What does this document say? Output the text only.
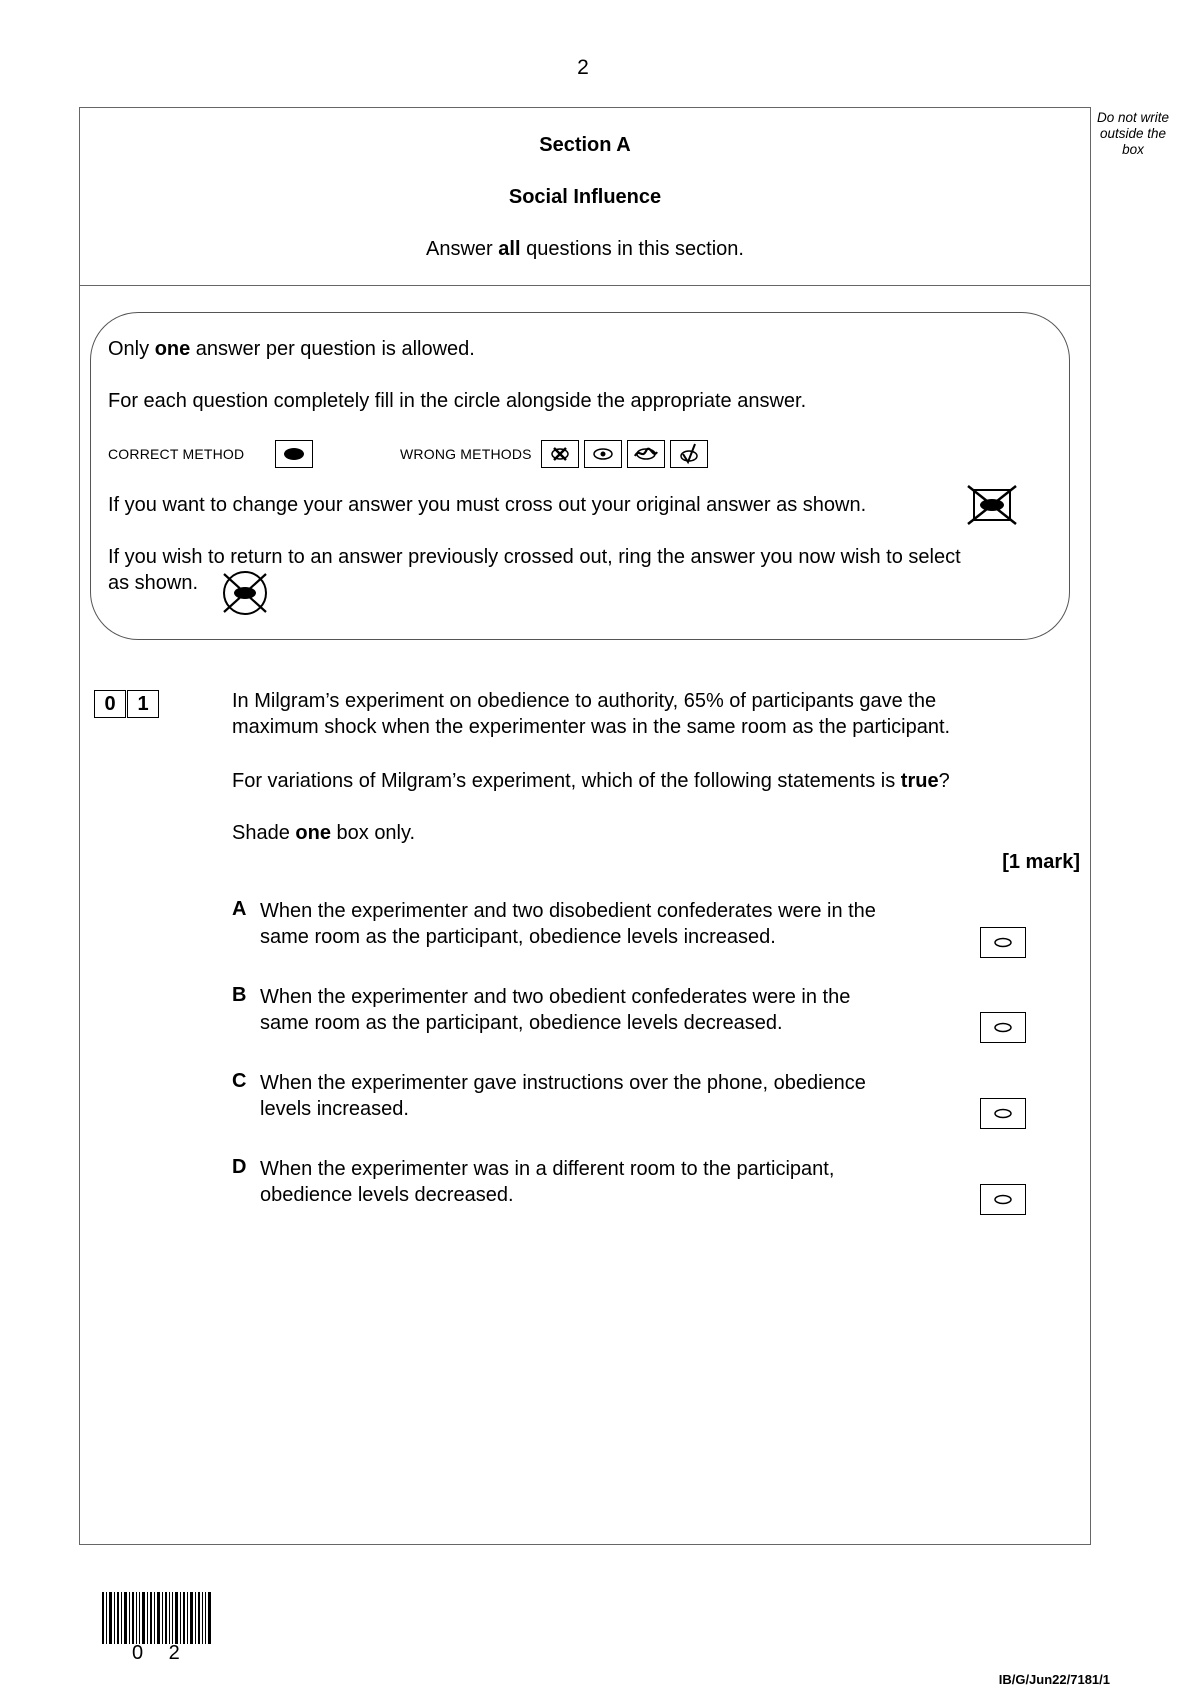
2
Do not write outside the box
Section A
Social Influence
Answer all questions in this section.
Only one answer per question is allowed.
For each question completely fill in the circle alongside the appropriate answer.
CORRECT METHOD	WRONG METHODS
If you want to change your answer you must cross out your original answer as shown.
If you wish to return to an answer previously crossed out, ring the answer you now wish to select
as shown.
0	1	In Milgram’s experiment on obedience to authority, 65% of participants gave the
maximum shock when the experimenter was in the same room as the participant.
For variations of Milgram’s experiment, which of the following statements is true?
Shade one box only.
[1 mark]
A When the experimenter and two disobedient confederates were in the
same room as the participant, obedience levels increased.
B When the experimenter and two obedient confederates were in the
same room as the participant, obedience levels decreased.
C When the experimenter gave instructions over the phone, obedience
levels increased.
D When the experimenter was in a different room to the participant,
obedience levels decreased.
0 2
IB/G/Jun22/7181/1
